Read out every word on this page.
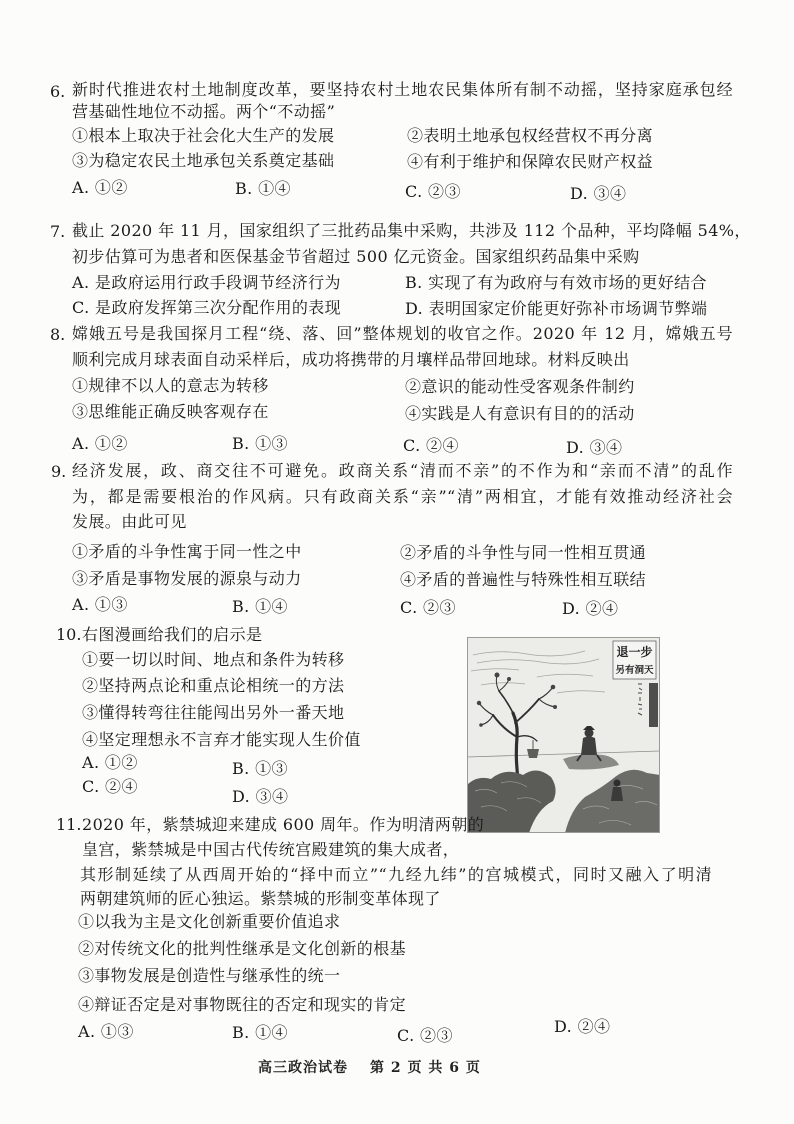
6. 新时代推进农村土地制度改革，要坚持农村土地农民集体所有制不动摇，坚持家庭承包经
营基础性地位不动摇。两个“不动摇”
①根本上取决于社会化大生产的发展	②表明土地承包权经营权不再分离
③为稳定农民土地承包关系奠定基础	④有利于维护和保障农民财产权益
A. ①②	B. ①④	C. ②③	D. ③④
7. 截止 2020 年 11 月，国家组织了三批药品集中采购，共涉及 112 个品种，平均降幅 54%，
初步估算可为患者和医保基金节省超过 500 亿元资金。国家组织药品集中采购
A. 是政府运用行政手段调节经济行为	B. 实现了有为政府与有效市场的更好结合
C. 是政府发挥第三次分配作用的表现	D. 表明国家定价能更好弥补市场调节弊端
8. 嫦娥五号是我国探月工程“绕、落、回”整体规划的收官之作。2020 年 12 月，嫦娥五号
顺利完成月球表面自动采样后，成功将携带的月壤样品带回地球。材料反映出
①规律不以人的意志为转移	②意识的能动性受客观条件制约
③思维能正确反映客观存在	④实践是人有意识有目的的活动
A. ①②	B. ①③	C. ②④	D. ③④
9. 经济发展，政、商交往不可避免。政商关系“清而不亲”的不作为和“亲而不清”的乱作
为，都是需要根治的作风病。只有政商关系“亲”“清”两相宜，才能有效推动经济社会
发展。由此可见
①矛盾的斗争性寓于同一性之中	②矛盾的斗争性与同一性相互贯通
③矛盾是事物发展的源泉与动力	④矛盾的普遍性与特殊性相互联结
A. ①③	B. ①④	C. ②③	D. ②④
10. 右图漫画给我们的启示是
①要一切以时间、地点和条件为转移
②坚持两点论和重点论相统一的方法
③懂得转弯往往能闯出另外一番天地
④坚定理想永不言弃才能实现人生价值
A. ①②	B. ①③
C. ②④
D. ③④
退一步
另有洞天
11. 2020 年，紫禁城迎来建成 600 周年。作为明清两朝的
皇宫，紫禁城是中国古代传统宫殿建筑的集大成者，
其形制延续了从西周开始的“择中而立”“九经九纬”的宫城模式，同时又融入了明清
两朝建筑师的匠心独运。紫禁城的形制变革体现了
①以我为主是文化创新重要价值追求
②对传统文化的批判性继承是文化创新的根基
③事物发展是创造性与继承性的统一
④辩证否定是对事物既往的否定和现实的肯定
A. ①③	B. ①④	C. ②③	D. ②④
高三政治试卷 第 2 页 共 6 页
